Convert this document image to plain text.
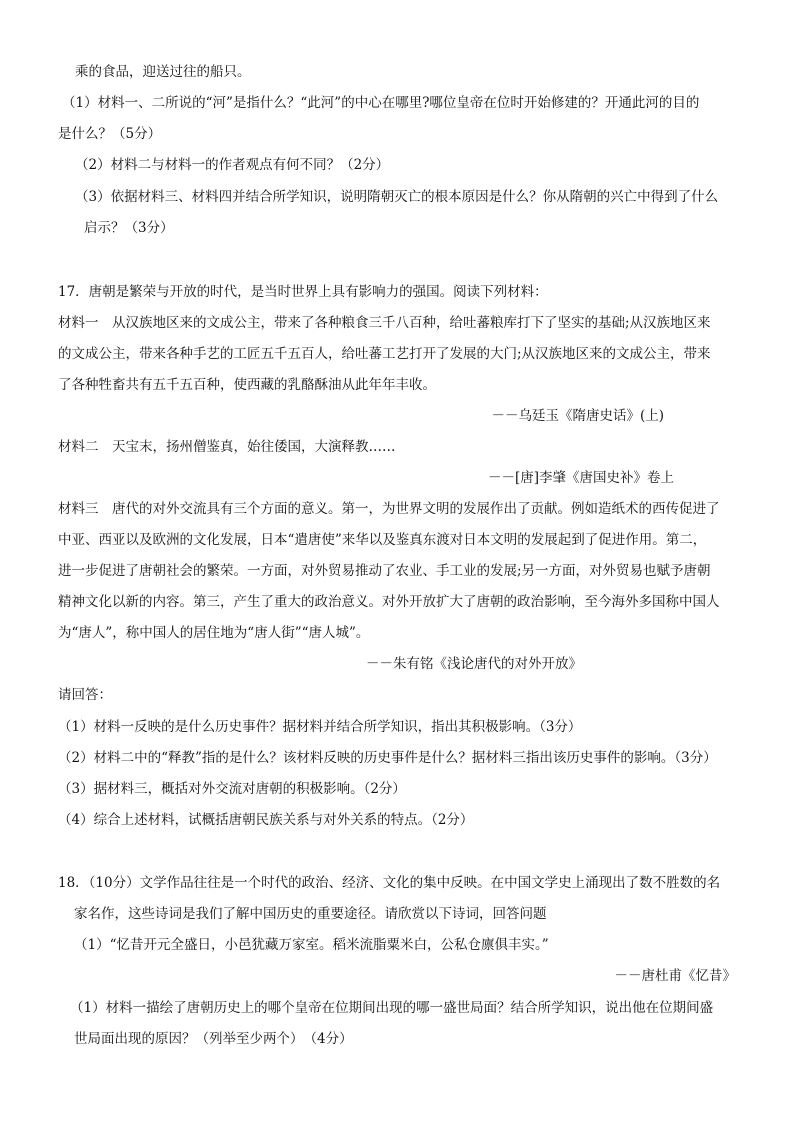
乘的食品，迎送过往的船只。
（1）材料一、二所说的“河”是指什么？“此河”的中心在哪里?哪位皇帝在位时开始修建的？开通此河的目的
是什么？（5分）
（2）材料二与材料一的作者观点有何不同？（2分）
（3）依据材料三、材料四并结合所学知识，说明隋朝灭亡的根本原因是什么？你从隋朝的兴亡中得到了什么
启示？（3分）
17．唐朝是繁荣与开放的时代，是当时世界上具有影响力的强国。阅读下列材料：
材料一　从汉族地区来的文成公主，带来了各种粮食三千八百种，给吐蕃粮库打下了坚实的基础;从汉族地区来
的文成公主，带来各种手艺的工匠五千五百人，给吐蕃工艺打开了发展的大门;从汉族地区来的文成公主，带来
了各种牲畜共有五千五百种，使西藏的乳酪酥油从此年年丰收。
－－乌廷玉《隋唐史话》(上)
材料二　天宝末，扬州僧鉴真，始往倭国，大演释教……
－－[唐]李肇《唐国史补》卷上
材料三　唐代的对外交流具有三个方面的意义。第一，为世界文明的发展作出了贡献。例如造纸术的西传促进了
中亚、西亚以及欧洲的文化发展，日本“遣唐使”来华以及鉴真东渡对日本文明的发展起到了促进作用。第二，
进一步促进了唐朝社会的繁荣。一方面，对外贸易推动了农业、手工业的发展;另一方面，对外贸易也赋予唐朝
精神文化以新的内容。第三，产生了重大的政治意义。对外开放扩大了唐朝的政治影响，至今海外多国称中国人
为“唐人”，称中国人的居住地为“唐人街”“唐人城”。
－－朱有铭《浅论唐代的对外开放》
请回答：
（1）材料一反映的是什么历史事件？据材料并结合所学知识，指出其积极影响。（3分）
（2）材料二中的“释教”指的是什么？该材料反映的历史事件是什么？据材料三指出该历史事件的影响。（3分）
（3）据材料三，概括对外交流对唐朝的积极影响。（2分）
（4）综合上述材料，试概括唐朝民族关系与对外关系的特点。（2分）
18．（10分）文学作品往往是一个时代的政治、经济、文化的集中反映。在中国文学史上涌现出了数不胜数的名
家名作，这些诗词是我们了解中国历史的重要途径。请欣赏以下诗词，回答问题
（1）“忆昔开元全盛日，小邑犹藏万家室。稻米流脂粟米白，公私仓廪俱丰实。”
－－唐杜甫《忆昔》
（1）材料一描绘了唐朝历史上的哪个皇帝在位期间出现的哪一盛世局面？结合所学知识，说出他在位期间盛
世局面出现的原因？（列举至少两个）　（4分）
